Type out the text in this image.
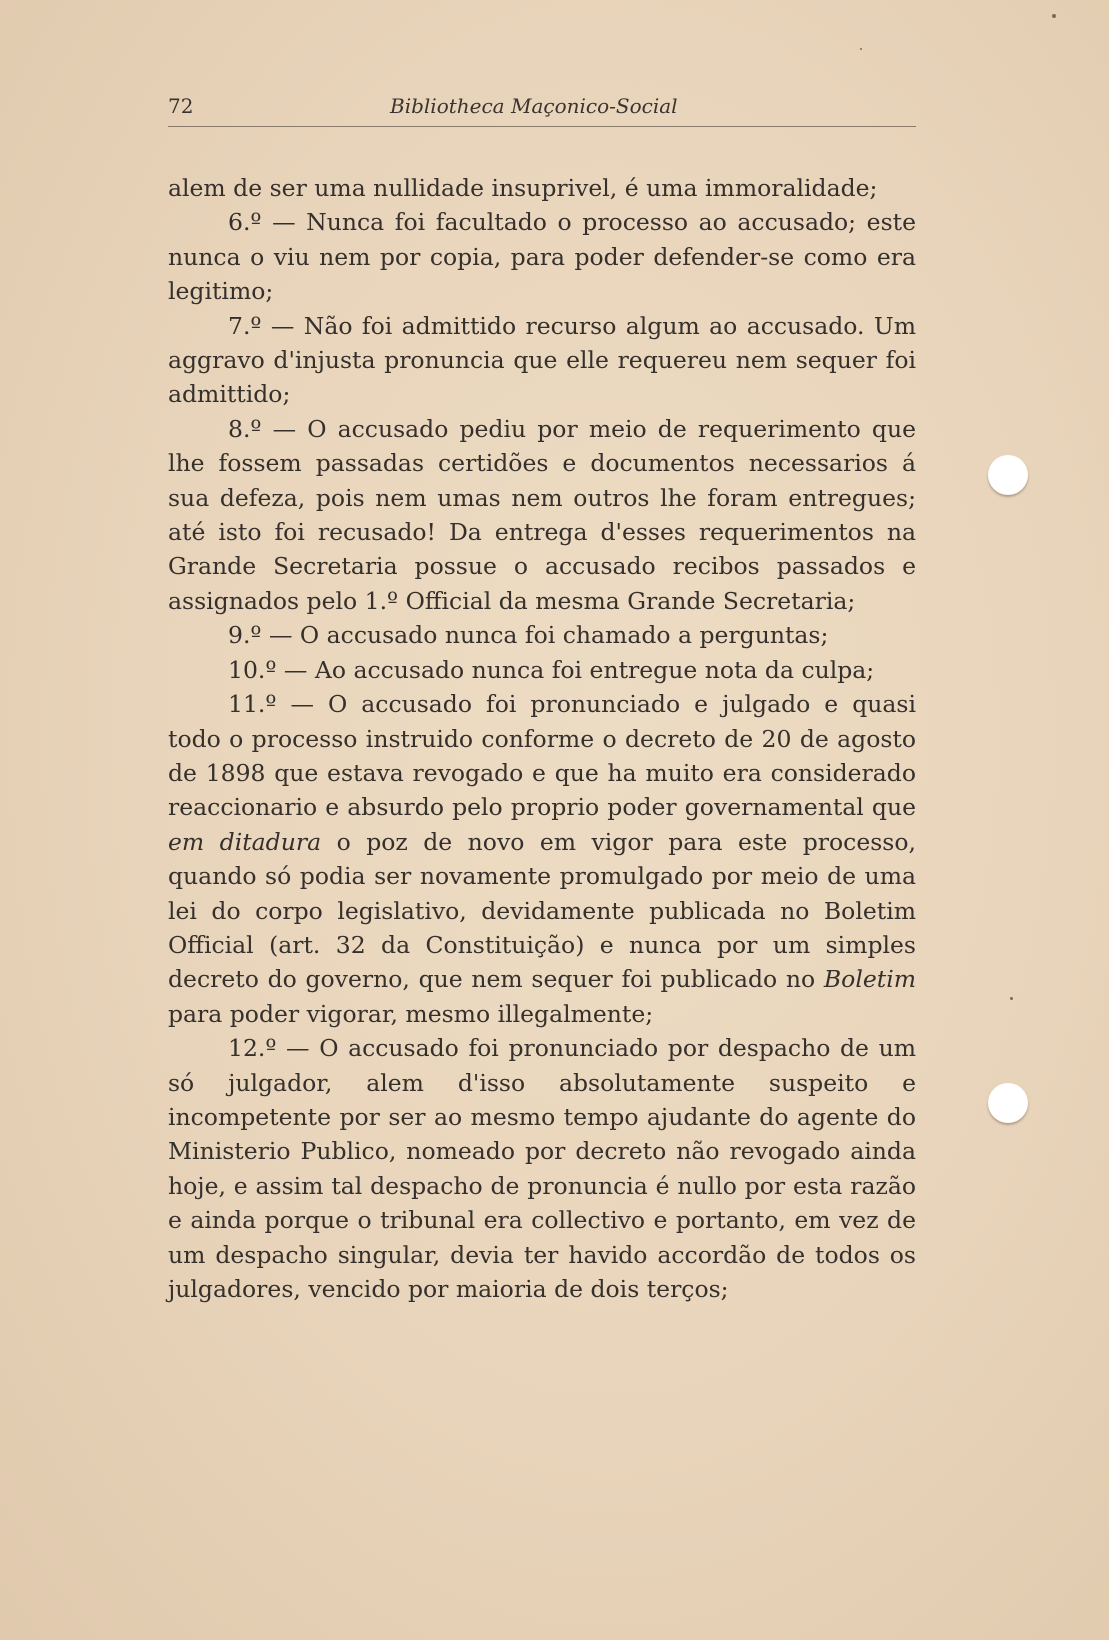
72	Bibliotheca Maçonico-Social

alem de ser uma nullidade insuprivel, é uma immoralidade;

6.º — Nunca foi facultado o processo ao accusado; este nunca o viu nem por copia, para poder defender-se como era legitimo;

7.º — Não foi admittido recurso algum ao accusado. Um aggravo d'injusta pronuncia que elle requereu nem sequer foi admittido;

8.º — O accusado pediu por meio de requerimento que lhe fossem passadas certidões e documentos necessarios á sua defeza, pois nem umas nem outros lhe foram entregues; até isto foi recusado! Da entrega d'esses requerimentos na Grande Secretaria possue o accusado recibos passados e assignados pelo 1.º Official da mesma Grande Secretaria;

9.º — O accusado nunca foi chamado a perguntas;

10.º — Ao accusado nunca foi entregue nota da culpa;

11.º — O accusado foi pronunciado e julgado e quasi todo o processo instruido conforme o decreto de 20 de agosto de 1898 que estava revogado e que ha muito era considerado reaccionario e absurdo pelo proprio poder governamental que em ditadura o poz de novo em vigor para este processo, quando só podia ser novamente promulgado por meio de uma lei do corpo legislativo, devidamente publicada no Boletim Official (art. 32 da Constituição) e nunca por um simples decreto do governo, que nem sequer foi publicado no Boletim para poder vigorar, mesmo illegalmente;

12.º — O accusado foi pronunciado por despacho de um só julgador, alem d'isso absolutamente suspeito e incompetente por ser ao mesmo tempo ajudante do agente do Ministerio Publico, nomeado por decreto não revogado ainda hoje, e assim tal despacho de pronuncia é nullo por esta razão e ainda porque o tribunal era collectivo e portanto, em vez de um despacho singular, devia ter havido accordão de todos os julgadores, vencido por maioria de dois terços;
